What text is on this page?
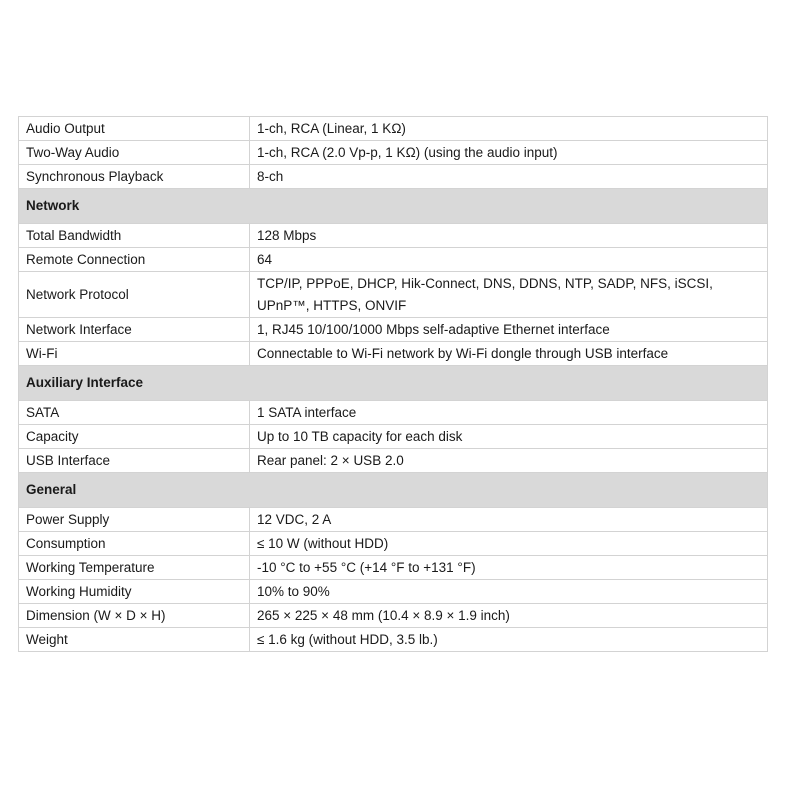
Audio Output	1-ch, RCA (Linear, 1 KΩ)
Two-Way Audio	1-ch, RCA (2.0 Vp-p, 1 KΩ) (using the audio input)
Synchronous Playback	8-ch
Network	
Total Bandwidth	128 Mbps
Remote Connection	64
Network Protocol	TCP/IP, PPPoE, DHCP, Hik-Connect, DNS, DDNS, NTP, SADP, NFS, iSCSI, UPnP™, HTTPS, ONVIF
Network Interface	1, RJ45 10/100/1000 Mbps self-adaptive Ethernet interface
Wi-Fi	Connectable to Wi-Fi network by Wi-Fi dongle through USB interface
Auxiliary Interface	
SATA	1 SATA interface
Capacity	Up to 10 TB capacity for each disk
USB Interface	Rear panel: 2 × USB 2.0
General	
Power Supply	12 VDC, 2 A
Consumption	≤ 10 W (without HDD)
Working Temperature	-10 °C to +55 °C (+14 °F to +131 °F)
Working Humidity	10% to 90%
Dimension (W × D × H)	265 × 225 × 48 mm (10.4 × 8.9 × 1.9 inch)
Weight	≤ 1.6 kg (without HDD, 3.5 lb.)
